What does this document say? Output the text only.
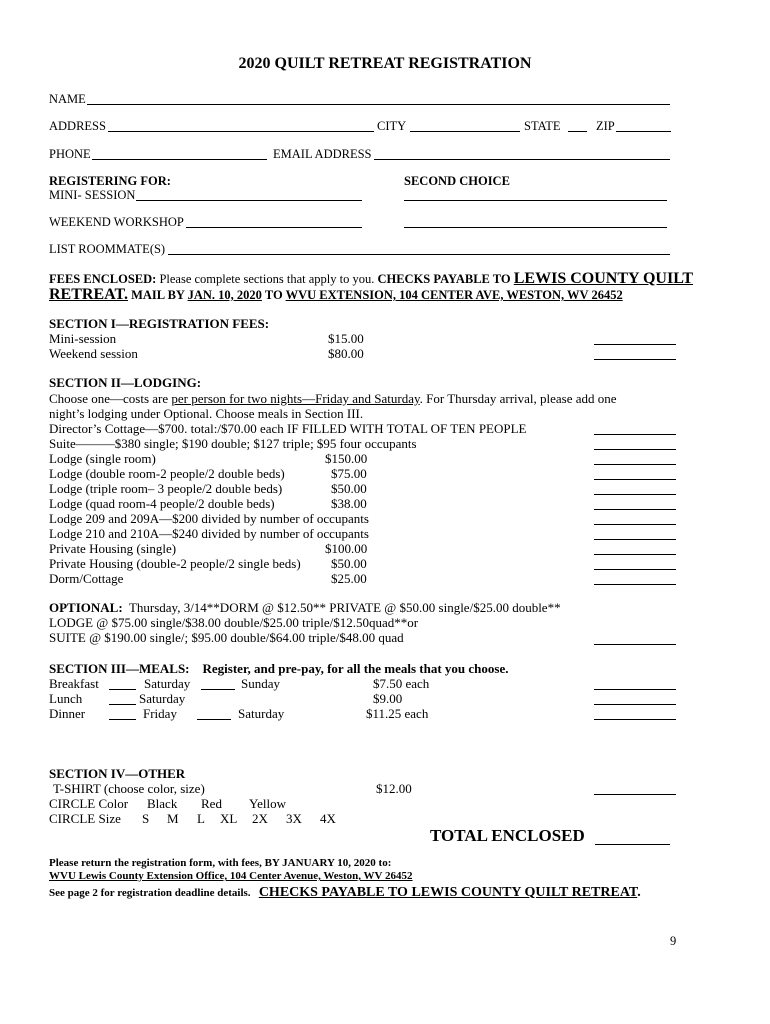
2020 QUILT RETREAT REGISTRATION
NAME
ADDRESS	CITY	STATE	ZIP
PHONE	EMAIL ADDRESS
REGISTERING FOR:	SECOND CHOICE
MINI- SESSION
WEEKEND WORKSHOP
LIST ROOMMATE(S)
FEES ENCLOSED: Please complete sections that apply to you. CHECKS PAYABLE TO LEWIS COUNTY QUILT
RETREAT. MAIL BY JAN. 10, 2020 TO WVU EXTENSION, 104 CENTER AVE, WESTON, WV 26452
SECTION I—REGISTRATION FEES:
Mini-session	$15.00
Weekend session	$80.00
SECTION II—LODGING:
Choose one—costs are per person for two nights—Friday and Saturday. For Thursday arrival, please add one
night’s lodging under Optional. Choose meals in Section III.
Director’s Cottage—$700. total:/$70.00 each IF FILLED WITH TOTAL OF TEN PEOPLE
Suite———$380 single; $190 double; $127 triple; $95 four occupants
Lodge (single room)	$150.00
Lodge (double room-2 people/2 double beds)	$75.00
Lodge (triple room– 3 people/2 double beds)	$50.00
Lodge (quad room-4 people/2 double beds)	$38.00
Lodge 209 and 209A—$200 divided by number of occupants
Lodge 210 and 210A—$240 divided by number of occupants
Private Housing (single)	$100.00
Private Housing (double-2 people/2 single beds) $50.00
Dorm/Cottage	$25.00
OPTIONAL: Thursday, 3/14**DORM @ $12.50** PRIVATE @ $50.00 single/$25.00 double**
LODGE @ $75.00 single/$38.00 double/$25.00 triple/$12.50quad**or
SUITE @ $190.00 single/; $95.00 double/$64.00 triple/$48.00 quad
SECTION III—MEALS: Register, and pre-pay, for all the meals that you choose.
Breakfast	Saturday	Sunday	$7.50 each
Lunch	Saturday	$9.00
Dinner	Friday	Saturday	$11.25 each
SECTION IV—OTHER
T-SHIRT (choose color, size)	$12.00
CIRCLE Color Black Red Yellow
CIRCLE Size S M L XL 2X 3X 4X
TOTAL ENCLOSED
Please return the registration form, with fees, BY JANUARY 10, 2020 to:
WVU Lewis County Extension Office, 104 Center Avenue, Weston, WV 26452
See page 2 for registration deadline details. CHECKS PAYABLE TO LEWIS COUNTY QUILT RETREAT.
9
